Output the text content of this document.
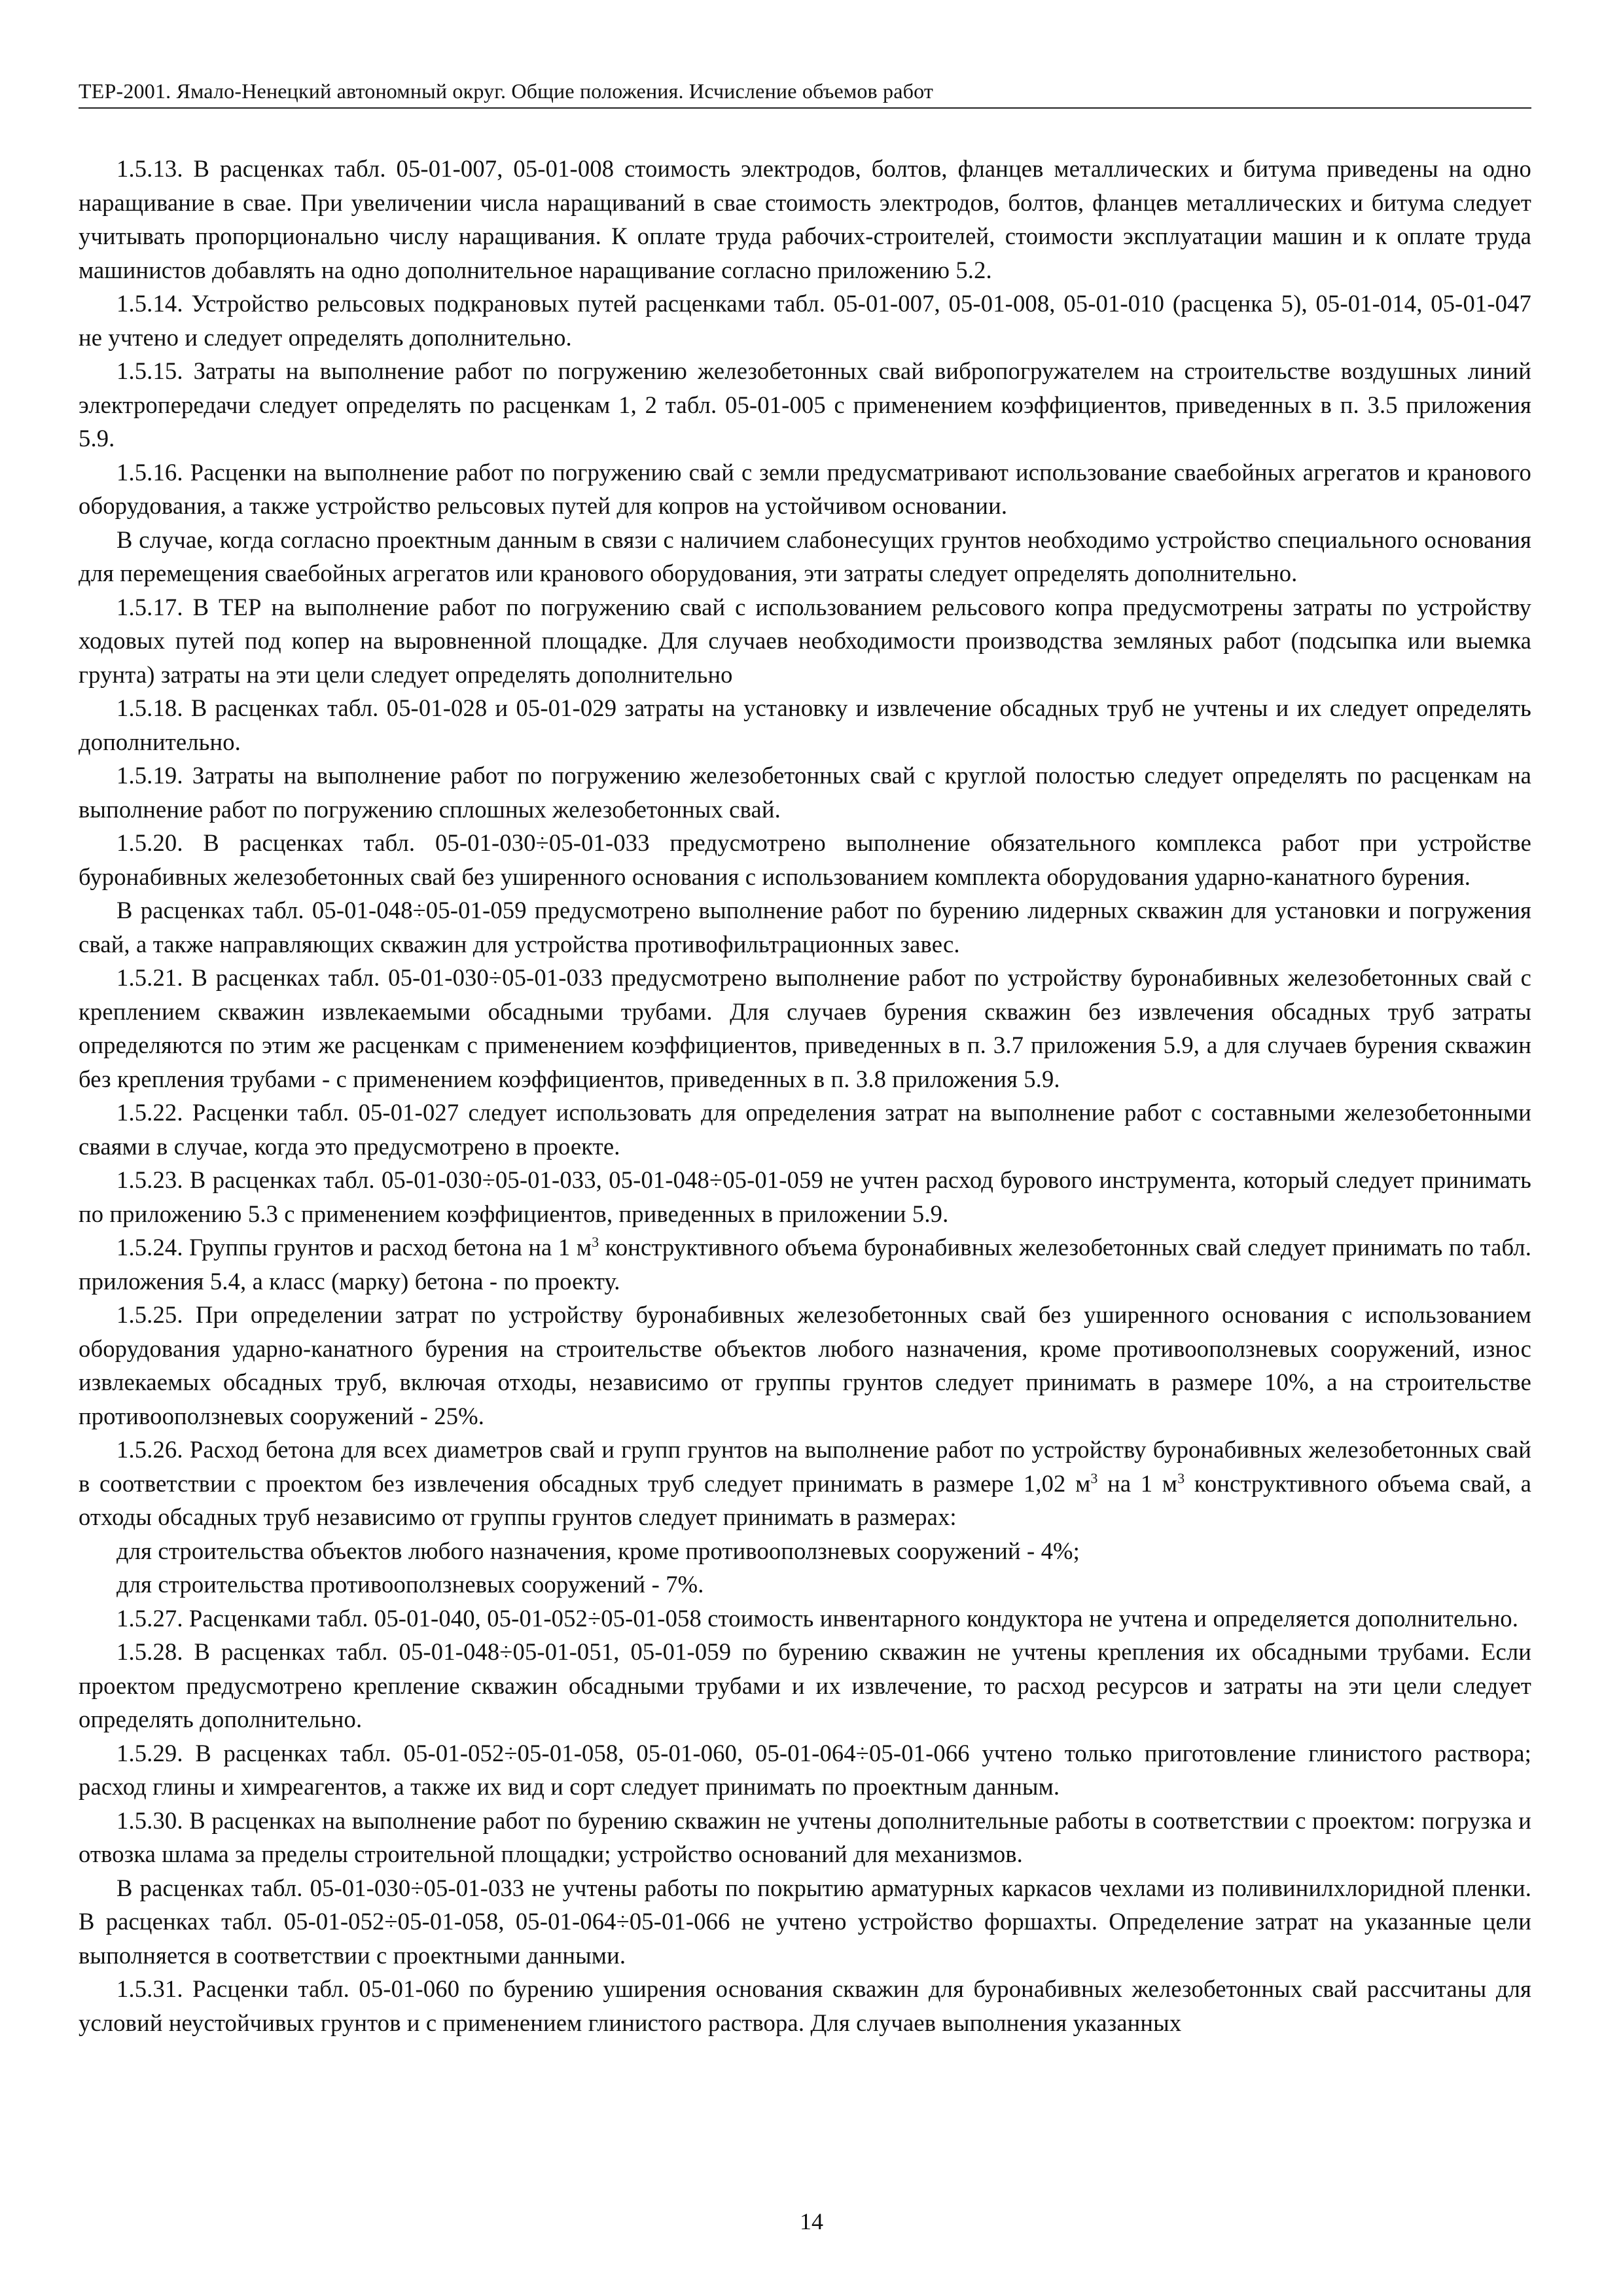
ТЕР-2001. Ямало-Ненецкий автономный округ. Общие положения. Исчисление объемов работ

1.5.13. В расценках табл. 05-01-007, 05-01-008 стоимость электродов, болтов, фланцев металлических и битума приведены на одно наращивание в свае. При увеличении числа наращиваний в свае стоимость электродов, болтов, фланцев металлических и битума следует учитывать пропорционально числу наращивания. К оплате труда рабочих-строителей, стоимости эксплуатации машин и к оплате труда машинистов добавлять на одно дополнительное наращивание согласно приложению 5.2.

1.5.14. Устройство рельсовых подкрановых путей расценками табл. 05-01-007, 05-01-008, 05-01-010 (расценка 5), 05-01-014, 05-01-047 не учтено и следует определять дополнительно.

1.5.15. Затраты на выполнение работ по погружению железобетонных свай вибропогружателем на строительстве воздушных линий электропередачи следует определять по расценкам 1, 2 табл. 05-01-005 с применением коэффициентов, приведенных в п. 3.5 приложения 5.9.

1.5.16. Расценки на выполнение работ по погружению свай с земли предусматривают использование сваебойных агрегатов и кранового оборудования, а также устройство рельсовых путей для копров на устойчивом основании.

В случае, когда согласно проектным данным в связи с наличием слабонесущих грунтов необходимо устройство специального основания для перемещения сваебойных агрегатов или кранового оборудования, эти затраты следует определять дополнительно.

1.5.17. В ТЕР на выполнение работ по погружению свай с использованием рельсового копра предусмотрены затраты по устройству ходовых путей под копер на выровненной площадке. Для случаев необходимости производства земляных работ (подсыпка или выемка грунта) затраты на эти цели следует определять дополнительно

1.5.18. В расценках табл. 05-01-028 и 05-01-029 затраты на установку и извлечение обсадных труб не учтены и их следует определять дополнительно.

1.5.19. Затраты на выполнение работ по погружению железобетонных свай с круглой полостью следует определять по расценкам на выполнение работ по погружению сплошных железобетонных свай.

1.5.20. В расценках табл. 05-01-030÷05-01-033 предусмотрено выполнение обязательного комплекса работ при устройстве буронабивных железобетонных свай без уширенного основания с использованием комплекта оборудования ударно-канатного бурения.

В расценках табл. 05-01-048÷05-01-059 предусмотрено выполнение работ по бурению лидерных скважин для установки и погружения свай, а также направляющих скважин для устройства противофильтрационных завес.

1.5.21. В расценках табл. 05-01-030÷05-01-033 предусмотрено выполнение работ по устройству буронабивных железобетонных свай с креплением скважин извлекаемыми обсадными трубами. Для случаев бурения скважин без извлечения обсадных труб затраты определяются по этим же расценкам с применением коэффициентов, приведенных в п. 3.7 приложения 5.9, а для случаев бурения скважин без крепления трубами - с применением коэффициентов, приведенных в п. 3.8 приложения 5.9.

1.5.22. Расценки табл. 05-01-027 следует использовать для определения затрат на выполнение работ с составными железобетонными сваями в случае, когда это предусмотрено в проекте.

1.5.23. В расценках табл. 05-01-030÷05-01-033, 05-01-048÷05-01-059 не учтен расход бурового инструмента, который следует принимать по приложению 5.3 с применением коэффициентов, приведенных в приложении 5.9.

1.5.24. Группы грунтов и расход бетона на 1 $м^3$ конструктивного объема буронабивных железобетонных свай следует принимать по табл. приложения 5.4, а класс (марку) бетона - по проекту.

1.5.25. При определении затрат по устройству буронабивных железобетонных свай без уширенного основания с использованием оборудования ударно-канатного бурения на строительстве объектов любого назначения, кроме противооползневых сооружений, износ извлекаемых обсадных труб, включая отходы, независимо от группы грунтов следует принимать в размере 10%, а на строительстве противооползневых сооружений - 25%.

1.5.26. Расход бетона для всех диаметров свай и групп грунтов на выполнение работ по устройству буронабивных железобетонных свай в соответствии с проектом без извлечения обсадных труб следует принимать в размере 1,02 $м^3$ на 1 $м^3$ конструктивного объема свай, а отходы обсадных труб независимо от группы грунтов следует принимать в размерах:

для строительства объектов любого назначения, кроме противооползневых сооружений - 4%;

для строительства противооползневых сооружений - 7%.

1.5.27. Расценками табл. 05-01-040, 05-01-052÷05-01-058 стоимость инвентарного кондуктора не учтена и определяется дополнительно.

1.5.28. В расценках табл. 05-01-048÷05-01-051, 05-01-059 по бурению скважин не учтены крепления их обсадными трубами. Если проектом предусмотрено крепление скважин обсадными трубами и их извлечение, то расход ресурсов и затраты на эти цели следует определять дополнительно.

1.5.29. В расценках табл. 05-01-052÷05-01-058, 05-01-060, 05-01-064÷05-01-066 учтено только приготовление глинистого раствора; расход глины и химреагентов, а также их вид и сорт следует принимать по проектным данным.

1.5.30. В расценках на выполнение работ по бурению скважин не учтены дополнительные работы в соответствии с проектом: погрузка и отвозка шлама за пределы строительной площадки; устройство оснований для механизмов.

В расценках табл. 05-01-030÷05-01-033 не учтены работы по покрытию арматурных каркасов чехлами из поливинилхлоридной пленки. В расценках табл. 05-01-052÷05-01-058, 05-01-064÷05-01-066 не учтено устройство форшахты. Определение затрат на указанные цели выполняется в соответствии с проектными данными.

1.5.31. Расценки табл. 05-01-060 по бурению уширения основания скважин для буронабивных железобетонных свай рассчитаны для условий неустойчивых грунтов и с применением глинистого раствора. Для случаев выполнения указанных

14
